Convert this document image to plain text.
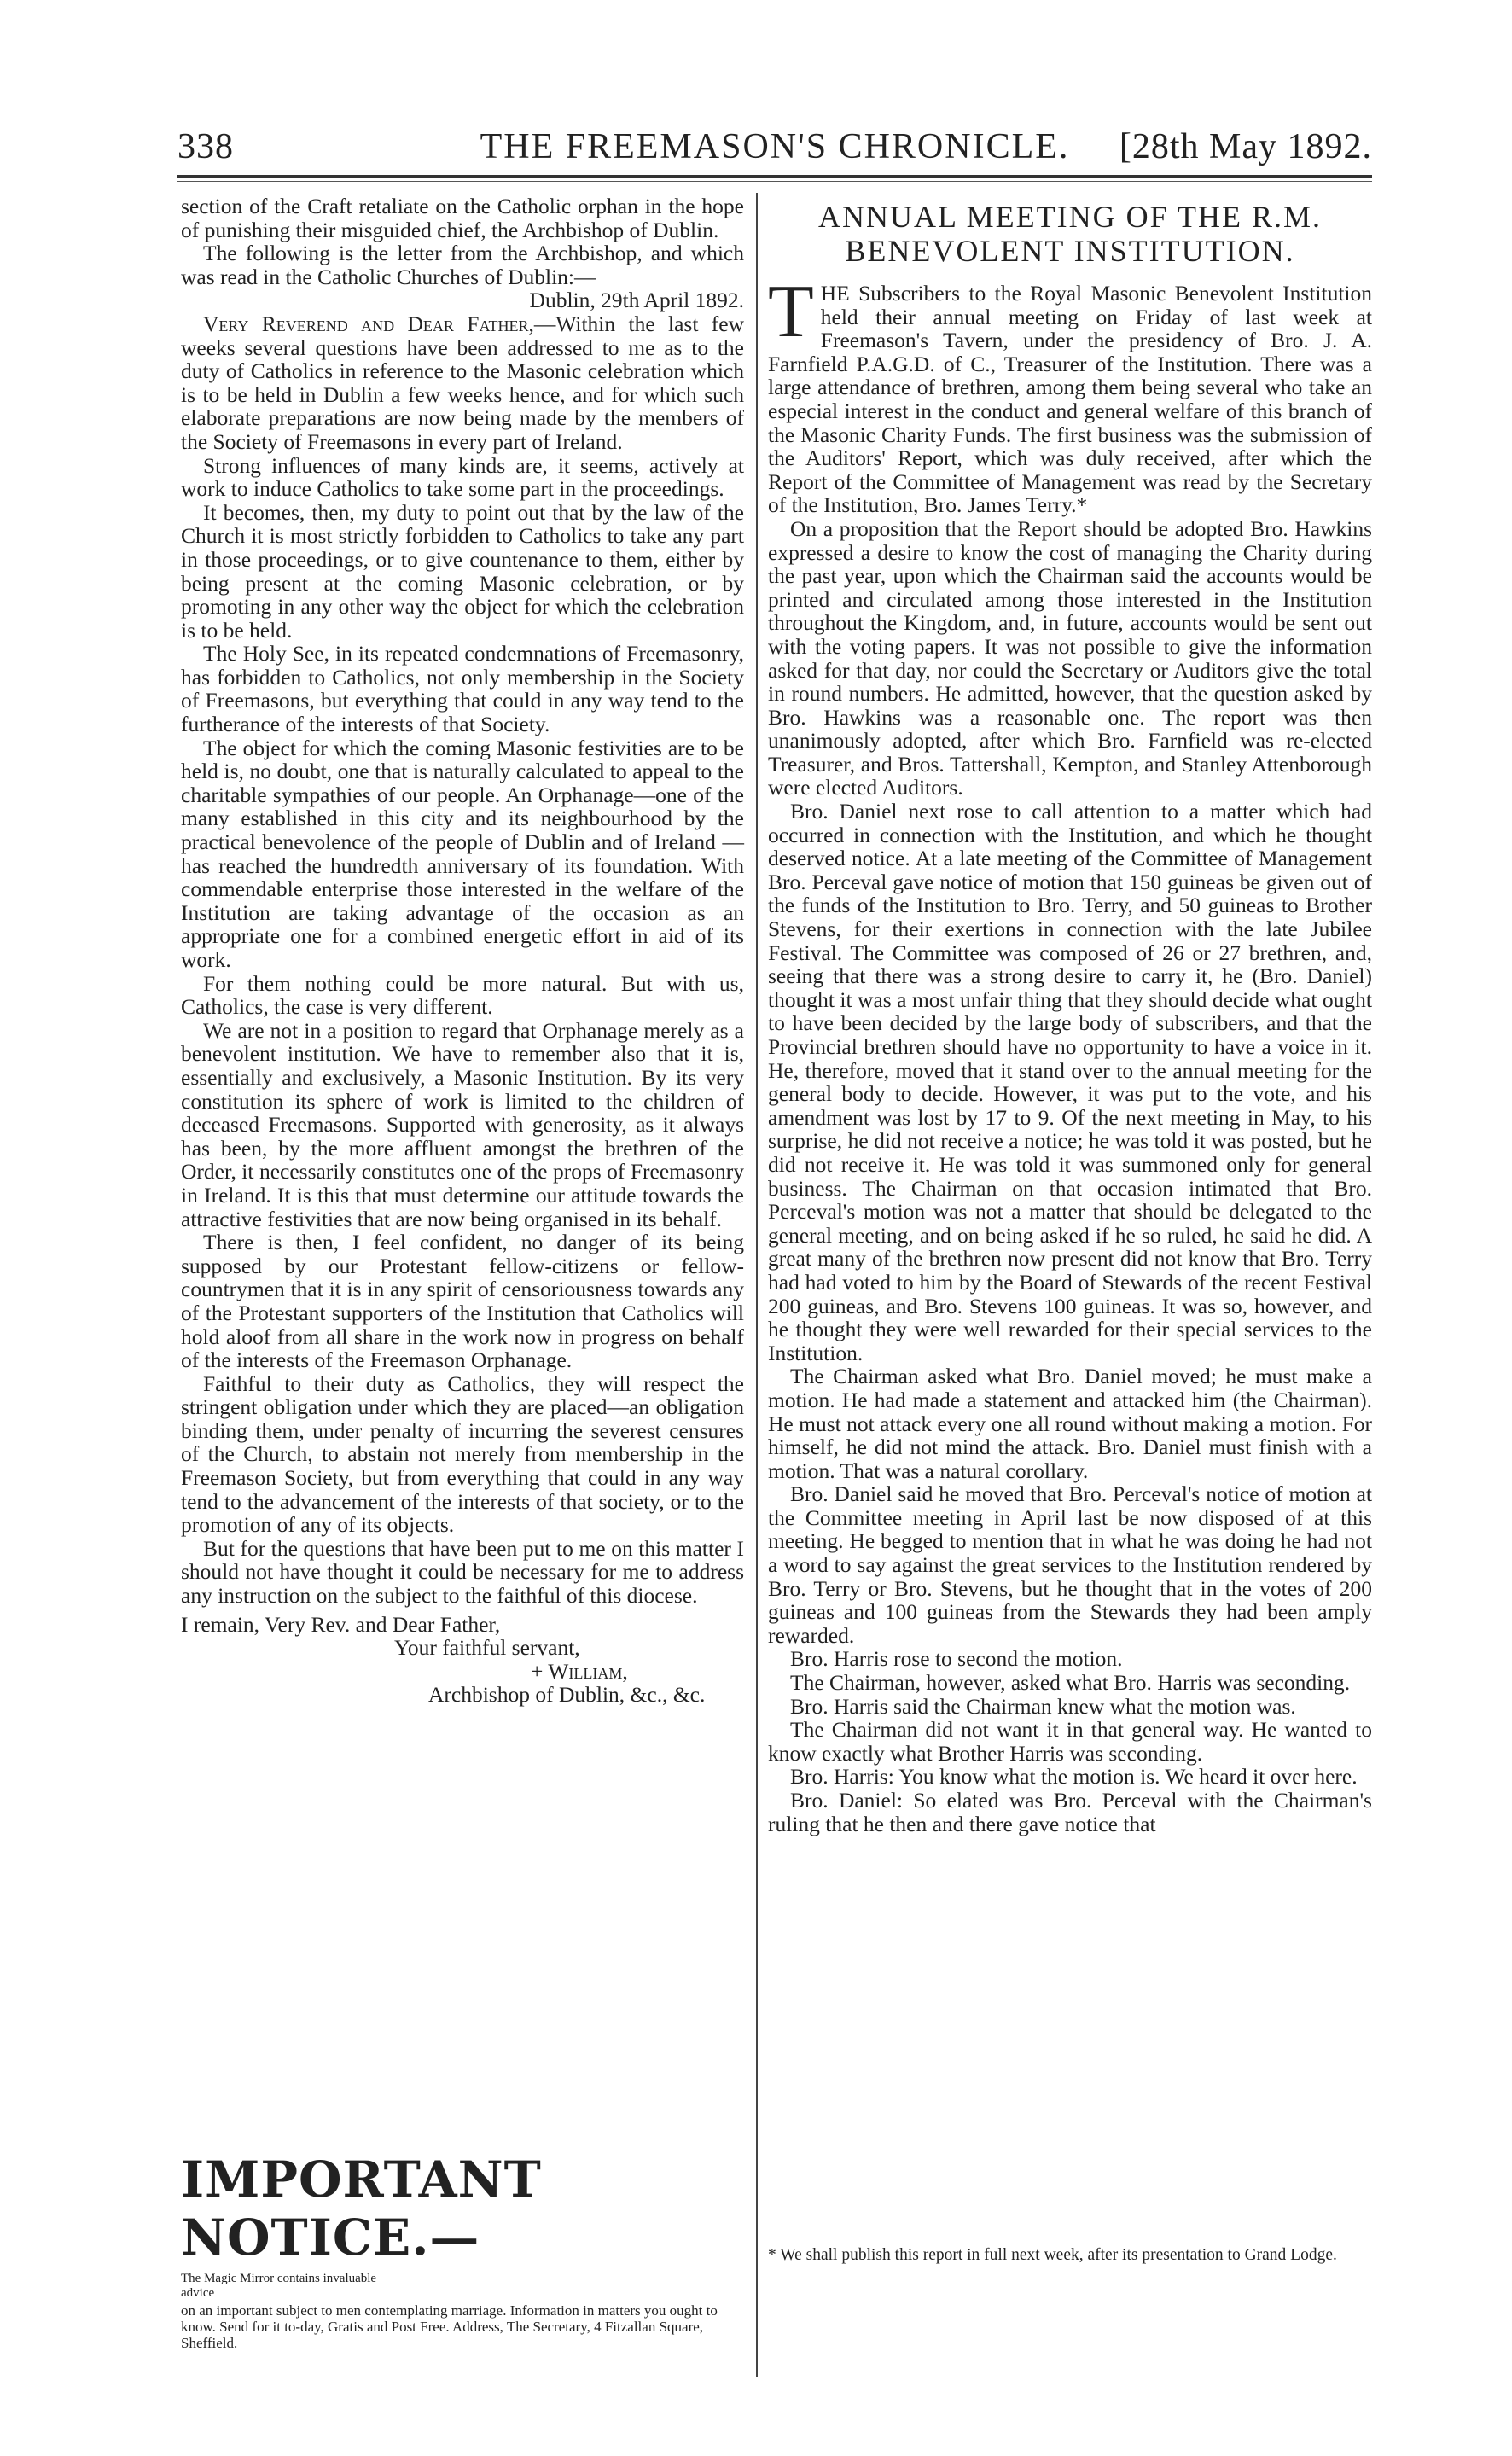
338	THE FREEMASON'S CHRONICLE.	[28th May 1892.

section of the Craft retaliate on the Catholic orphan in the hope of punishing their misguided chief, the Archbishop of Dublin.

The following is the letter from the Archbishop, and which was read in the Catholic Churches of Dublin:—

Dublin, 29th April 1892.

Very Reverend and Dear Father,—Within the last few weeks several questions have been addressed to me as to the duty of Catholics in reference to the Masonic celebration which is to be held in Dublin a few weeks hence, and for which such elaborate preparations are now being made by the members of the Society of Freemasons in every part of Ireland.

Strong influences of many kinds are, it seems, actively at work to induce Catholics to take some part in the proceedings.

It becomes, then, my duty to point out that by the law of the Church it is most strictly forbidden to Catholics to take any part in those proceedings, or to give countenance to them, either by being present at the coming Masonic celebration, or by promoting in any other way the object for which the celebration is to be held.

The Holy See, in its repeated condemnations of Freemasonry, has forbidden to Catholics, not only membership in the Society of Freemasons, but everything that could in any way tend to the furtherance of the interests of that Society.

The object for which the coming Masonic festivities are to be held is, no doubt, one that is naturally calculated to appeal to the charitable sympathies of our people. An Orphanage—one of the many established in this city and its neighbourhood by the practical benevolence of the people of Dublin and of Ireland — has reached the hundredth anniversary of its foundation. With commendable enterprise those interested in the welfare of the Institution are taking advantage of the occasion as an appropriate one for a combined energetic effort in aid of its work.

For them nothing could be more natural. But with us, Catholics, the case is very different.

We are not in a position to regard that Orphanage merely as a benevolent institution. We have to remember also that it is, essentially and exclusively, a Masonic Institution. By its very constitution its sphere of work is limited to the children of deceased Freemasons. Supported with generosity, as it always has been, by the more affluent amongst the brethren of the Order, it necessarily constitutes one of the props of Freemasonry in Ireland. It is this that must determine our attitude towards the attractive festivities that are now being organised in its behalf.

There is then, I feel confident, no danger of its being supposed by our Protestant fellow-citizens or fellow-countrymen that it is in any spirit of censoriousness towards any of the Protestant supporters of the Institution that Catholics will hold aloof from all share in the work now in progress on behalf of the interests of the Freemason Orphanage.

Faithful to their duty as Catholics, they will respect the stringent obligation under which they are placed—an obligation binding them, under penalty of incurring the severest censures of the Church, to abstain not merely from membership in the Freemason Society, but from everything that could in any way tend to the advancement of the interests of that society, or to the promotion of any of its objects.

But for the questions that have been put to me on this matter I should not have thought it could be necessary for me to address any instruction on the subject to the faithful of this diocese.

I remain, Very Rev. and Dear Father,
Your faithful servant,
+ William,
Archbishop of Dublin, &c., &c.
IMPORTANT NOTICE.—The Magic Mirror contains invaluable advice
on an important subject to men contemplating marriage. Information in matters you ought to know. Send for it to-day, Gratis and Post Free. Address, The Secretary, 4 Fitzallan Square, Sheffield.
ANNUAL MEETING OF THE R.M. BENEVOLENT INSTITUTION.

THE Subscribers to the Royal Masonic Benevolent Institution held their annual meeting on Friday of last week at Freemason's Tavern, under the presidency of Bro. J. A. Farnfield P.A.G.D. of C., Treasurer of the Institution. There was a large attendance of brethren, among them being several who take an especial interest in the conduct and general welfare of this branch of the Masonic Charity Funds. The first business was the submission of the Auditors' Report, which was duly received, after which the Report of the Committee of Management was read by the Secretary of the Institution, Bro. James Terry.*

On a proposition that the Report should be adopted Bro. Hawkins expressed a desire to know the cost of managing the Charity during the past year, upon which the Chairman said the accounts would be printed and circulated among those interested in the Institution throughout the Kingdom, and, in future, accounts would be sent out with the voting papers. It was not possible to give the information asked for that day, nor could the Secretary or Auditors give the total in round numbers. He admitted, however, that the question asked by Bro. Hawkins was a reasonable one. The report was then unanimously adopted, after which Bro. Farnfield was re-elected Treasurer, and Bros. Tattershall, Kempton, and Stanley Attenborough were elected Auditors.

Bro. Daniel next rose to call attention to a matter which had occurred in connection with the Institution, and which he thought deserved notice. At a late meeting of the Committee of Management Bro. Perceval gave notice of motion that 150 guineas be given out of the funds of the Institution to Bro. Terry, and 50 guineas to Brother Stevens, for their exertions in connection with the late Jubilee Festival. The Committee was composed of 26 or 27 brethren, and, seeing that there was a strong desire to carry it, he (Bro. Daniel) thought it was a most unfair thing that they should decide what ought to have been decided by the large body of subscribers, and that the Provincial brethren should have no opportunity to have a voice in it. He, therefore, moved that it stand over to the annual meeting for the general body to decide. However, it was put to the vote, and his amendment was lost by 17 to 9. Of the next meeting in May, to his surprise, he did not receive a notice; he was told it was posted, but he did not receive it. He was told it was summoned only for general business. The Chairman on that occasion intimated that Bro. Perceval's motion was not a matter that should be delegated to the general meeting, and on being asked if he so ruled, he said he did. A great many of the brethren now present did not know that Bro. Terry had had voted to him by the Board of Stewards of the recent Festival 200 guineas, and Bro. Stevens 100 guineas. It was so, however, and he thought they were well rewarded for their special services to the Institution.

The Chairman asked what Bro. Daniel moved; he must make a motion. He had made a statement and attacked him (the Chairman). He must not attack every one all round without making a motion. For himself, he did not mind the attack. Bro. Daniel must finish with a motion. That was a natural corollary.

Bro. Daniel said he moved that Bro. Perceval's notice of motion at the Committee meeting in April last be now disposed of at this meeting. He begged to mention that in what he was doing he had not a word to say against the great services to the Institution rendered by Bro. Terry or Bro. Stevens, but he thought that in the votes of 200 guineas and 100 guineas from the Stewards they had been amply rewarded.

Bro. Harris rose to second the motion.

The Chairman, however, asked what Bro. Harris was seconding.

Bro. Harris said the Chairman knew what the motion was.

The Chairman did not want it in that general way. He wanted to know exactly what Brother Harris was seconding.

Bro. Harris: You know what the motion is. We heard it over here.

Bro. Daniel: So elated was Bro. Perceval with the Chairman's ruling that he then and there gave notice that

* We shall publish this report in full next week, after its presentation to Grand Lodge.
